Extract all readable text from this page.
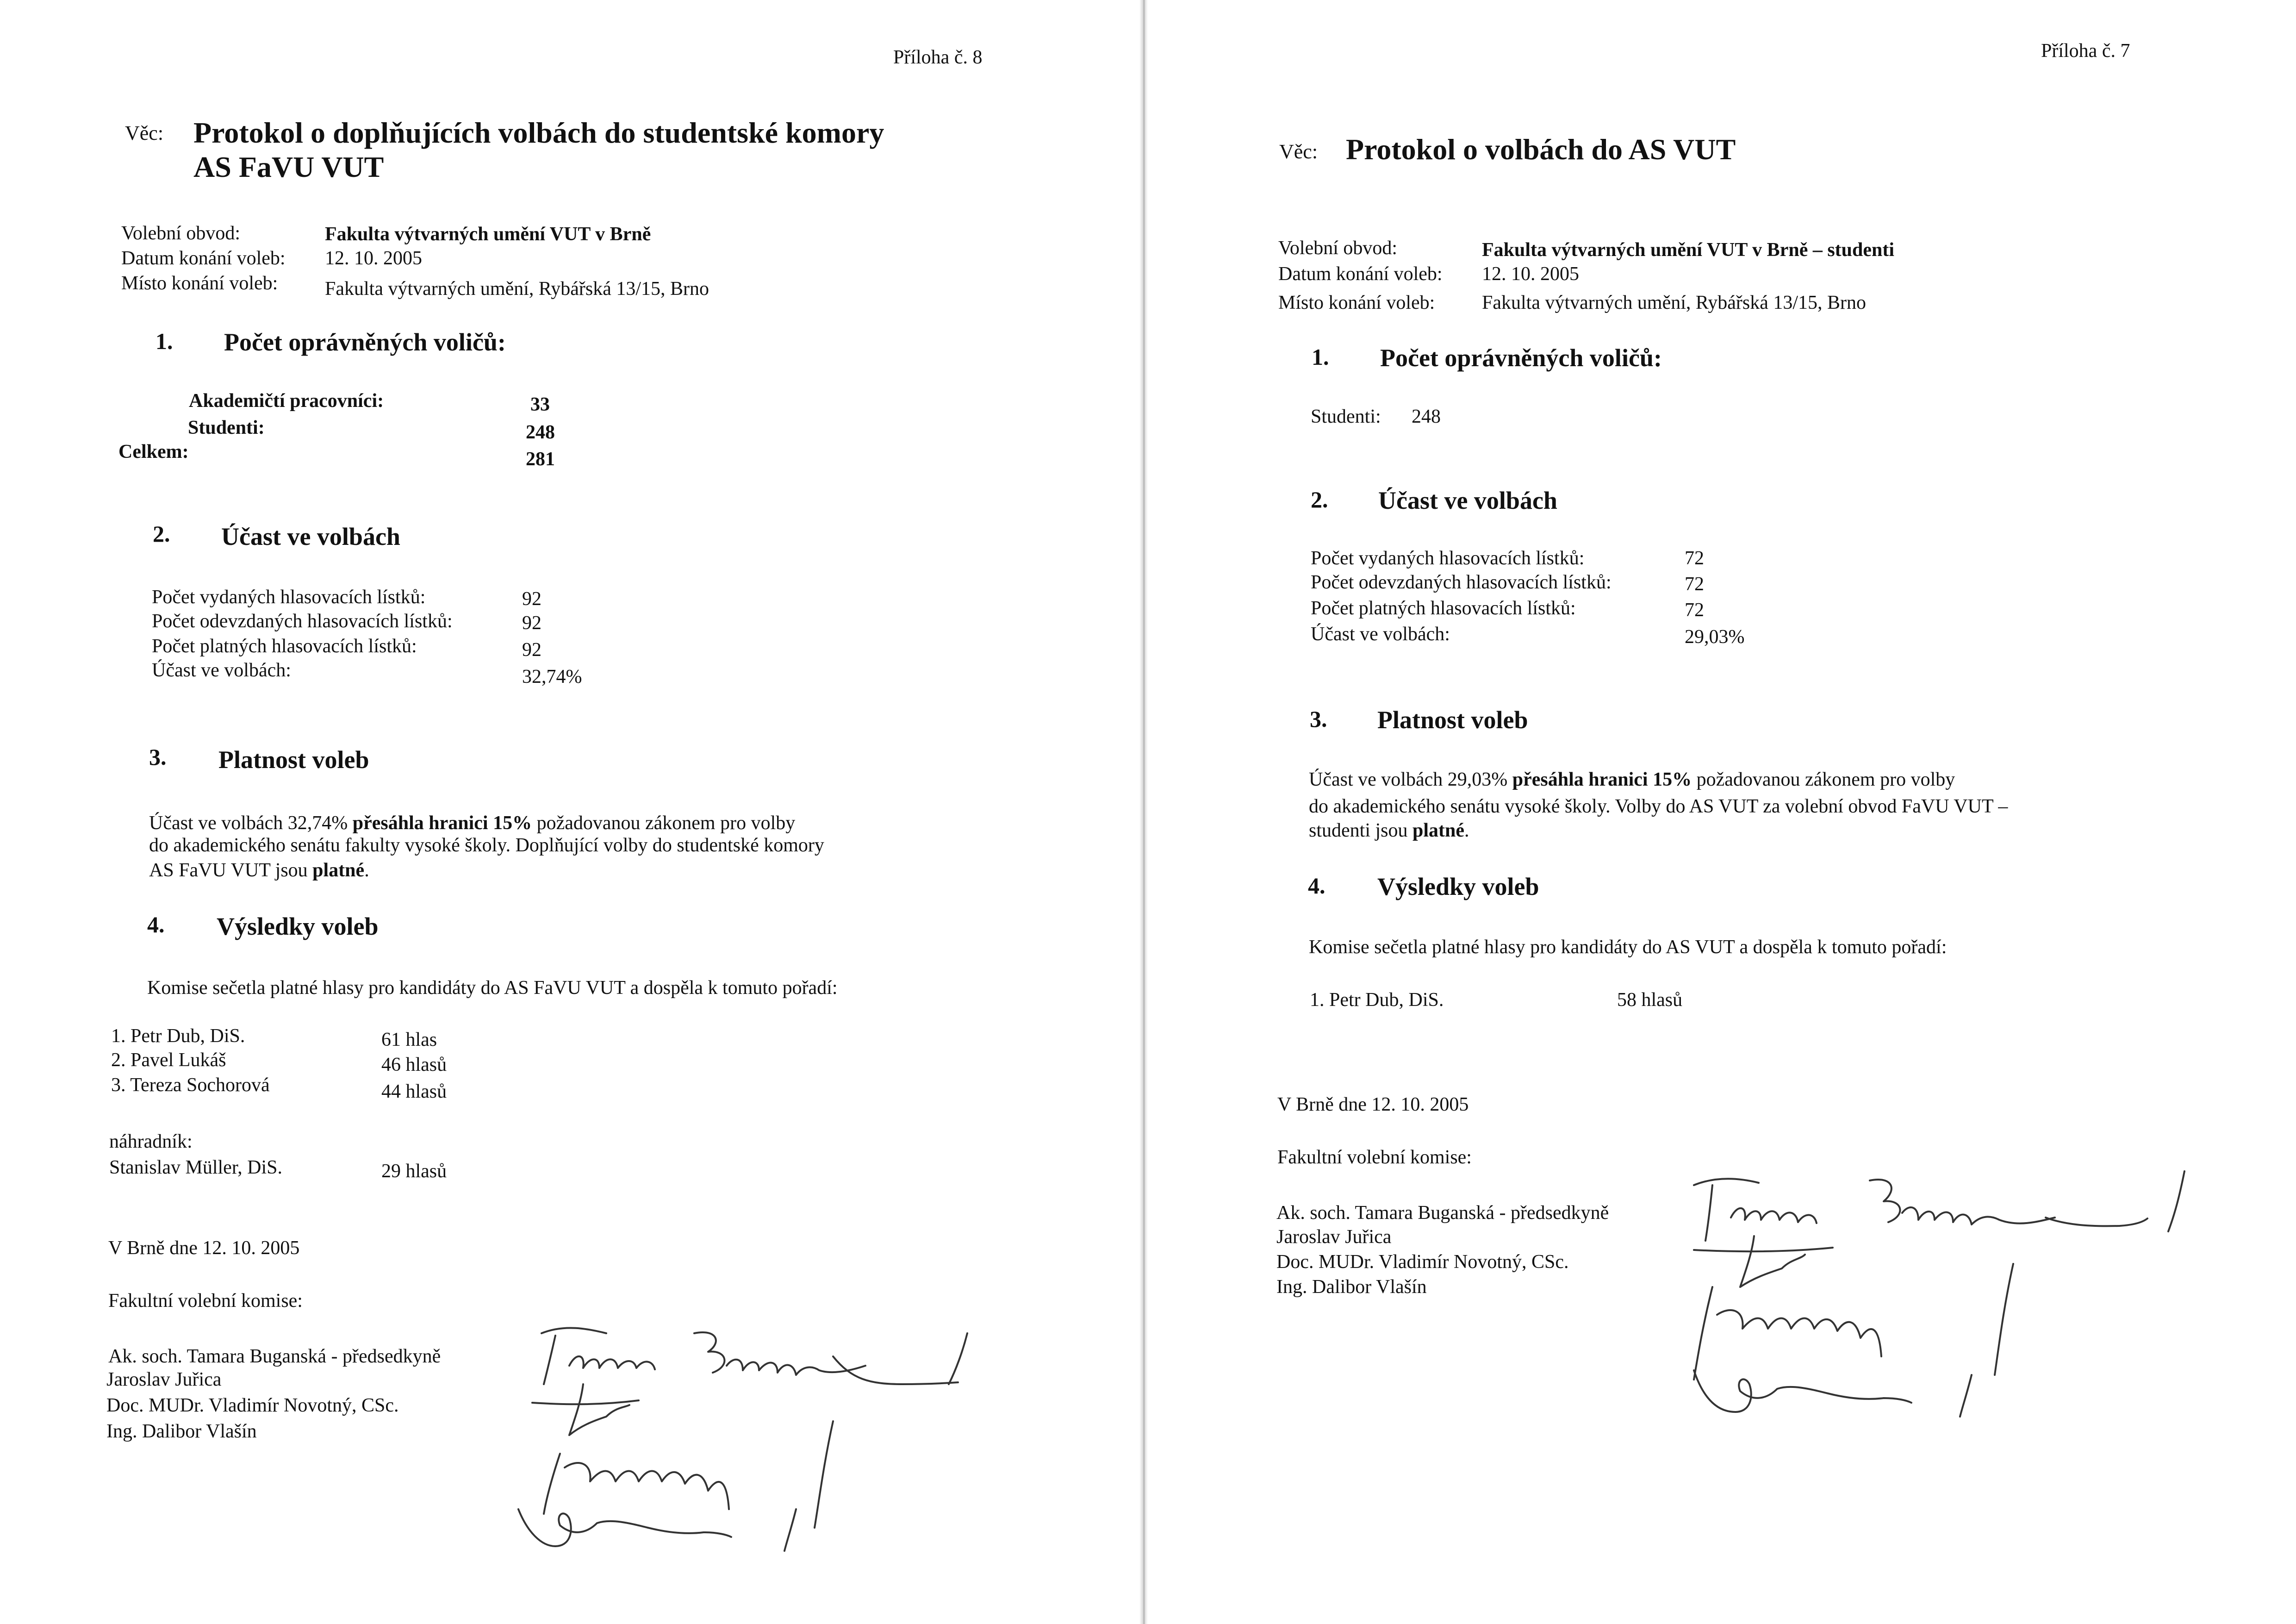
Příloha č. 8
Věc: Protokol o doplňujících volbách do studentské komory
AS FaVU VUT
Volební obvod:	Fakulta výtvarných umění VUT v Brně
Datum konání voleb: 12. 10. 2005
Místo konání voleb: Fakulta výtvarných umění, Rybářská 13/15, Brno
1. Počet oprávněných voličů:
Akademičtí pracovníci:	33
Studenti:	248
Celkem:	281
2. Účast ve volbách
Počet vydaných hlasovacích lístků:	92
Počet odevzdaných hlasovacích lístků:	92
Počet platných hlasovacích lístků:	92
Účast ve volbách:	32,74%
3. Platnost voleb
Účast ve volbách 32,74% přesáhla hranici 15% požadovanou zákonem pro volby
do akademického senátu fakulty vysoké školy. Doplňující volby do studentské komory
AS FaVU VUT jsou platné.
4. Výsledky voleb
Komise sečetla platné hlasy pro kandidáty do AS FaVU VUT a dospěla k tomuto pořadí:
1. Petr Dub, DiS.	61 hlas
2. Pavel Lukáš	46 hlasů
3. Tereza Sochorová	44 hlasů
náhradník:
Stanislav Müller, DiS.	29 hlasů
V Brně dne 12. 10. 2005
Fakultní volební komise:
Ak. soch. Tamara Buganská - předsedkyně
Jaroslav Juřica
Doc. MUDr. Vladimír Novotný, CSc.
Ing. Dalibor Vlašín
Příloha č. 7
Věc: Protokol o volbách do AS VUT
Volební obvod:	Fakulta výtvarných umění VUT v Brně – studenti
Datum konání voleb: 12. 10. 2005
Místo konání voleb: Fakulta výtvarných umění, Rybářská 13/15, Brno
1. Počet oprávněných voličů:
Studenti: 248
2. Účast ve volbách
Počet vydaných hlasovacích lístků:	72
Počet odevzdaných hlasovacích lístků:	72
Počet platných hlasovacích lístků:	72
Účast ve volbách:	29,03%
3. Platnost voleb
Účast ve volbách 29,03% přesáhla hranici 15% požadovanou zákonem pro volby
do akademického senátu vysoké školy. Volby do AS VUT za volební obvod FaVU VUT –
studenti jsou platné.
4. Výsledky voleb
Komise sečetla platné hlasy pro kandidáty do AS VUT a dospěla k tomuto pořadí:
1. Petr Dub, DiS.	58 hlasů
V Brně dne 12. 10. 2005
Fakultní volební komise:
Ak. soch. Tamara Buganská - předsedkyně
Jaroslav Juřica
Doc. MUDr. Vladimír Novotný, CSc.
Ing. Dalibor Vlašín
